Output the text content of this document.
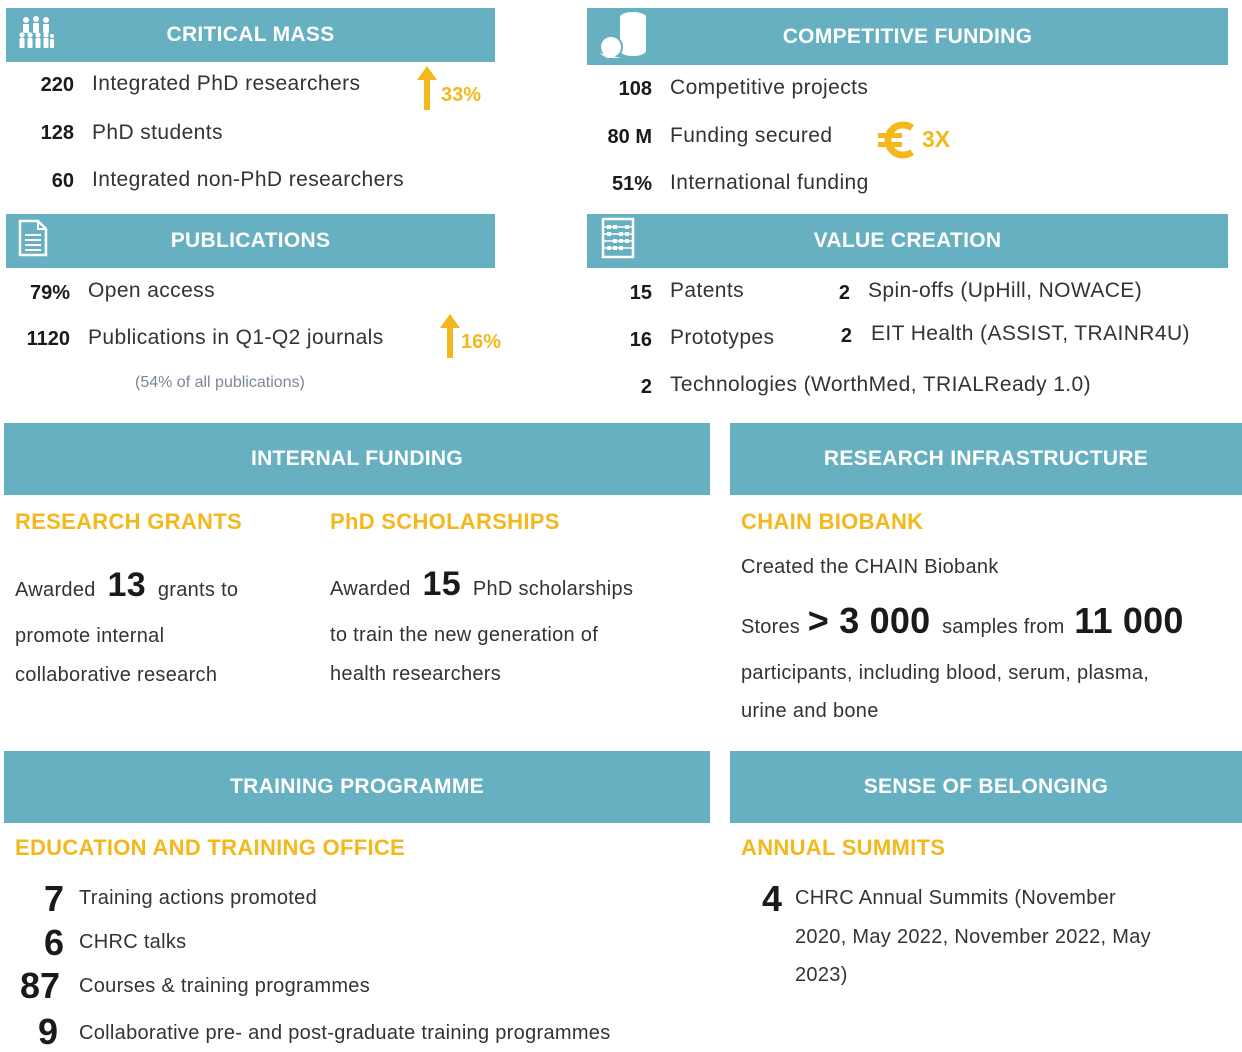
CRITICAL MASS
220 Integrated PhD researchers	33%
128 PhD students
60 Integrated non-PhD researchers
COMPETITIVE FUNDING
108 Competitive projects
80 M Funding secured	3X
51% International funding
PUBLICATIONS
79% Open access
1120 Publications in Q1-Q2 journals	16%
(54% of all publications)
VALUE CREATION
15 Patents	2 Spin-offs (UpHill, NOWACE)
16 Prototypes	2 EIT Health (ASSIST, TRAINR4U)
2 Technologies (WorthMed, TRIALReady 1.0)
INTERNAL FUNDING
RESEARCH GRANTS
Awarded 13 grants to
promote internal
collaborative research
PhD SCHOLARSHIPS
Awarded 15 PhD scholarships
to train the new generation of
health researchers
RESEARCH INFRASTRUCTURE
CHAIN BIOBANK
Created the CHAIN Biobank
Stores > 3 000 samples from 11 000
participants, including blood, serum, plasma,
urine and bone
TRAINING PROGRAMME
EDUCATION AND TRAINING OFFICE
7 Training actions promoted
6 CHRC talks
87 Courses & training programmes
9 Collaborative pre- and post-graduate training programmes
SENSE OF BELONGING
ANNUAL SUMMITS
4 CHRC Annual Summits (November
2020, May 2022, November 2022, May
2023)
